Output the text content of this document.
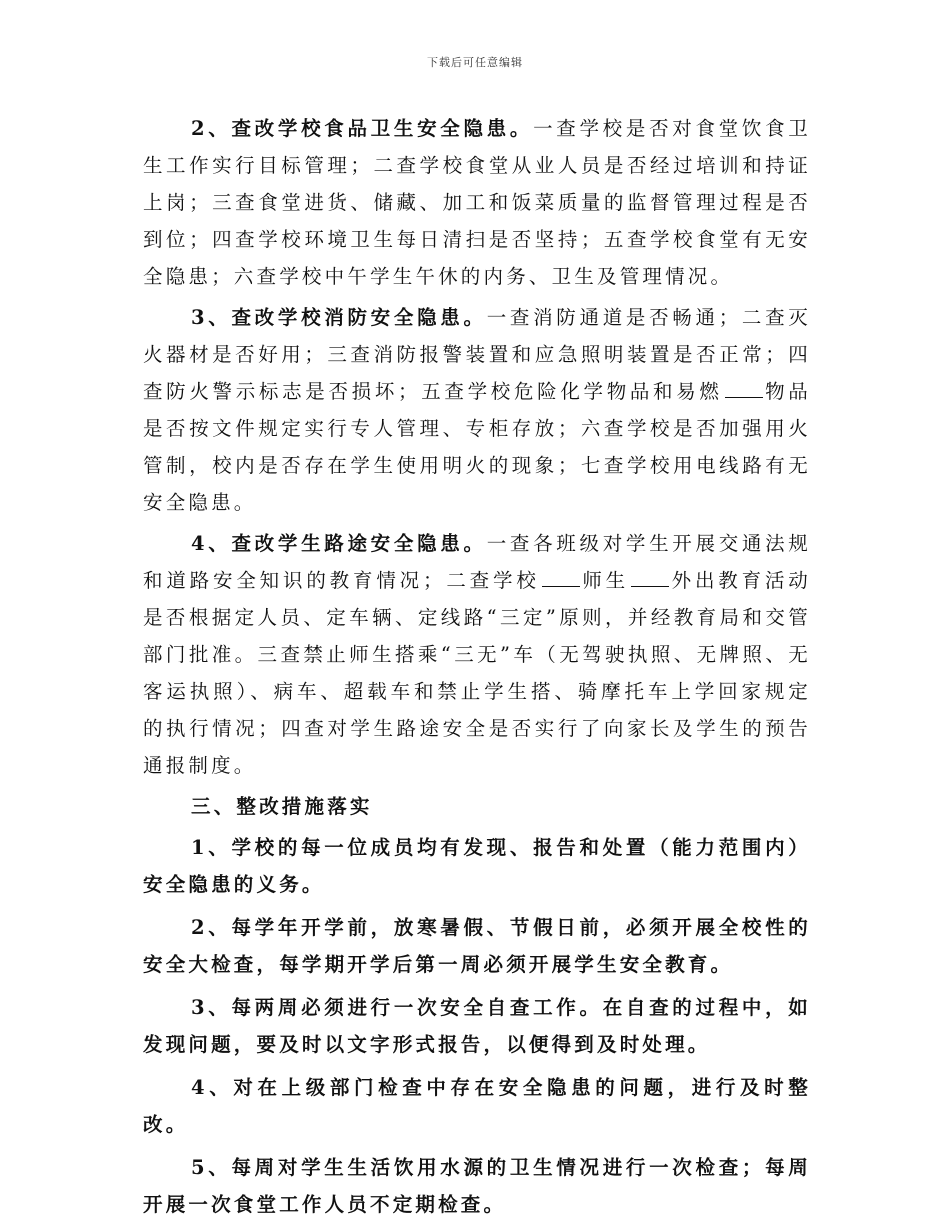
下载后可任意编辑

2、查改学校食品卫生安全隐患。一查学校是否对食堂饮食卫生工作实行目标管理；二查学校食堂从业人员是否经过培训和持证上岗；三查食堂进货、储藏、加工和饭菜质量的监督管理过程是否到位；四查学校环境卫生每日清扫是否坚持；五查学校食堂有无安全隐患；六查学校中午学生午休的内务、卫生及管理情况。

3、查改学校消防安全隐患。一查消防通道是否畅通；二查灭火器材是否好用；三查消防报警装置和应急照明装置是否正常；四查防火警示标志是否损坏；五查学校危险化学物品和易燃 物品是否按文件规定实行专人管理、专柜存放；六查学校是否加强用火管制，校内是否存在学生使用明火的现象；七查学校用电线路有无安全隐患。

4、查改学生路途安全隐患。一查各班级对学生开展交通法规和道路安全知识的教育情况；二查学校 师生 外出教育活动是否根据定人员、定车辆、定线路“三定”原则，并经教育局和交管部门批准。三查禁止师生搭乘“三无”车（无驾驶执照、无牌照、无客运执照）、病车、超载车和禁止学生搭、骑摩托车上学回家规定的执行情况；四查对学生路途安全是否实行了向家长及学生的预告通报制度。

三、整改措施落实

1、学校的每一位成员均有发现、报告和处置（能力范围内）安全隐患的义务。

2、每学年开学前，放寒暑假、节假日前，必须开展全校性的安全大检查，每学期开学后第一周必须开展学生安全教育。

3、每两周必须进行一次安全自查工作。在自查的过程中，如发现问题，要及时以文字形式报告，以便得到及时处理。

4、对在上级部门检查中存在安全隐患的问题，进行及时整改。

5、每周对学生生活饮用水源的卫生情况进行一次检查；每周开展一次食堂工作人员不定期检查。
